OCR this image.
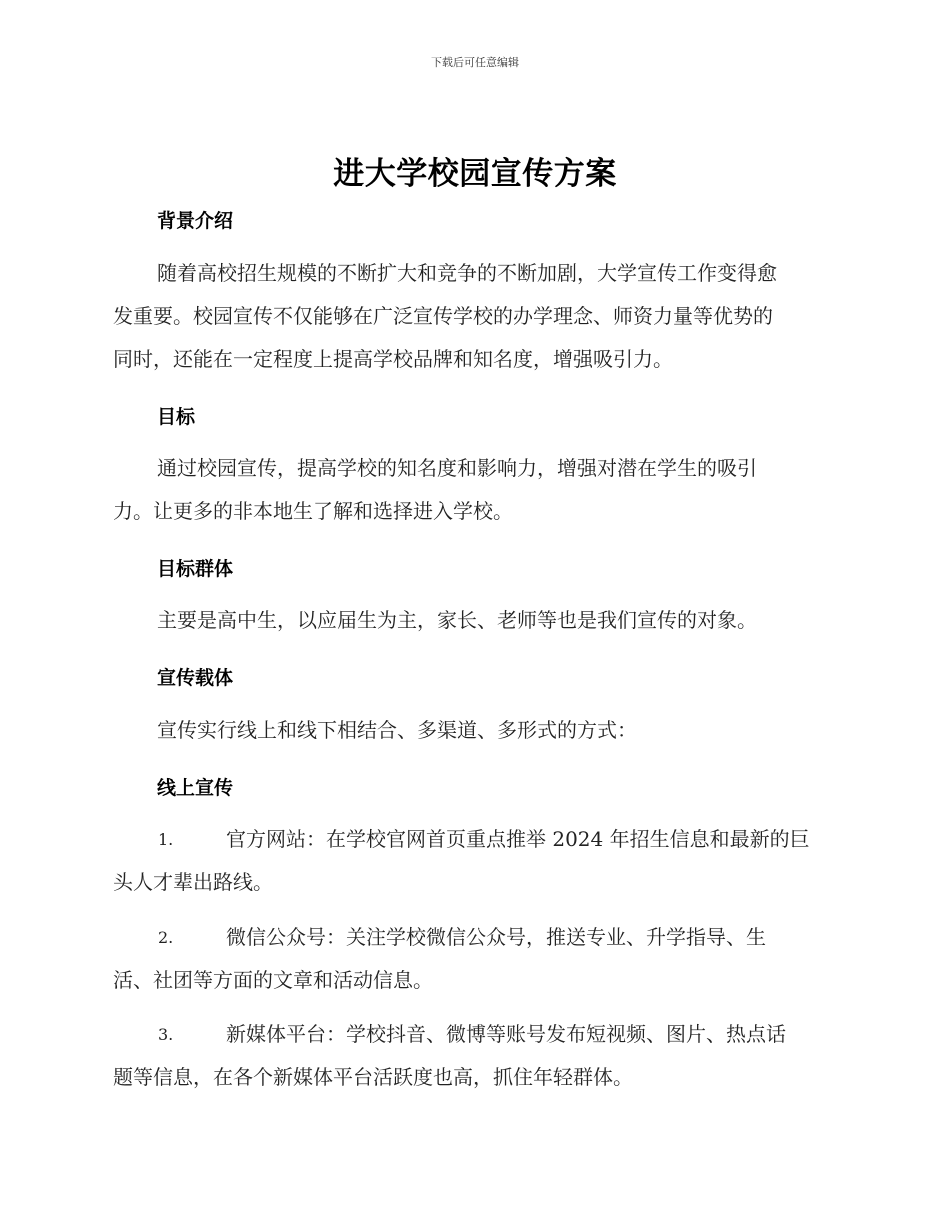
下载后可任意编辑
进大学校园宣传方案
背景介绍
随着高校招生规模的不断扩大和竞争的不断加剧，大学宣传工作变得愈
发重要。校园宣传不仅能够在广泛宣传学校的办学理念、师资力量等优势的
同时，还能在一定程度上提高学校品牌和知名度，增强吸引力。
目标
通过校园宣传，提高学校的知名度和影响力，增强对潜在学生的吸引
力。让更多的非本地生了解和选择进入学校。
目标群体
主要是高中生，以应届生为主，家长、老师等也是我们宣传的对象。
宣传载体
宣传实行线上和线下相结合、多渠道、多形式的方式：
线上宣传
1.	官方网站：在学校官网首页重点推举 2024 年招生信息和最新的巨
头人才辈出路线。
2.	微信公众号：关注学校微信公众号，推送专业、升学指导、生
活、社团等方面的文章和活动信息。
3.	新媒体平台：学校抖音、微博等账号发布短视频、图片、热点话
题等信息，在各个新媒体平台活跃度也高，抓住年轻群体。
